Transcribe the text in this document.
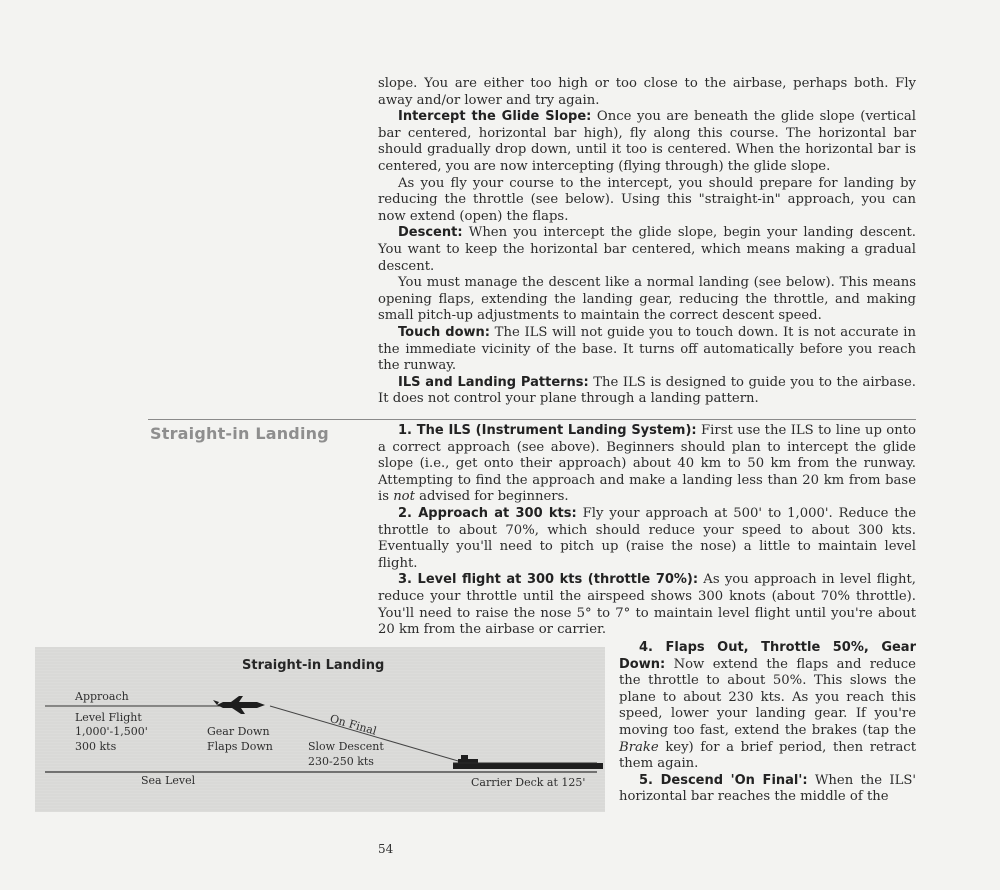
slope. You are either too high or too close to the airbase, perhaps both. Fly away and/or lower and try again.

Intercept the Glide Slope: Once you are beneath the glide slope (vertical bar centered, horizontal bar high), fly along this course. The horizontal bar should gradually drop down, until it too is centered. When the horizontal bar is centered, you are now intercepting (flying through) the glide slope.

As you fly your course to the intercept, you should prepare for landing by reducing the throttle (see below). Using this "straight-in" approach, you can now extend (open) the flaps.

Descent: When you intercept the glide slope, begin your landing descent. You want to keep the horizontal bar centered, which means making a gradual descent.

You must manage the descent like a normal landing (see below). This means opening flaps, extending the landing gear, reducing the throttle, and making small pitch-up adjustments to maintain the correct descent speed.

Touch down: The ILS will not guide you to touch down. It is not accurate in the immediate vicinity of the base. It turns off automatically before you reach the runway.

ILS and Landing Patterns: The ILS is designed to guide you to the airbase. It does not control your plane through a landing pattern.

Straight-in Landing	1. The ILS (Instrument Landing System): First use the ILS to line up onto a correct approach (see above). Beginners should plan to intercept the glide slope (i.e., get onto their approach) about 40 km to 50 km from the runway. Attempting to find the approach and make a landing less than 20 km from base is not advised for beginners.

2. Approach at 300 kts: Fly your approach at 500' to 1,000'. Reduce the throttle to about 70%, which should reduce your speed to about 300 kts. Eventually you'll need to pitch up (raise the nose) a little to maintain level flight.

3. Level flight at 300 kts (throttle 70%): As you approach in level flight, reduce your throttle until the airspeed shows 300 knots (about 70% throttle). You'll need to raise the nose 5° to 7° to maintain level flight until you're about 20 km from the airbase or carrier.

4. Flaps Out, Throttle 50%, Gear Down: Now extend the flaps and reduce the throttle to about 50%. This slows the plane to about 230 kts. As you reach this speed, lower your landing gear. If you're moving too fast, extend the brakes (tap the Brake key) for a brief period, then retract them again.

5. Descend 'On Final': When the ILS' horizontal bar reaches the middle of the

Straight-in Landing
Approach
Level Flight
1,000'-1,500'
300 kts
Gear Down
Flaps Down
On Final
Slow Descent
230-250 kts
Sea Level	Carrier Deck at 125'
54
